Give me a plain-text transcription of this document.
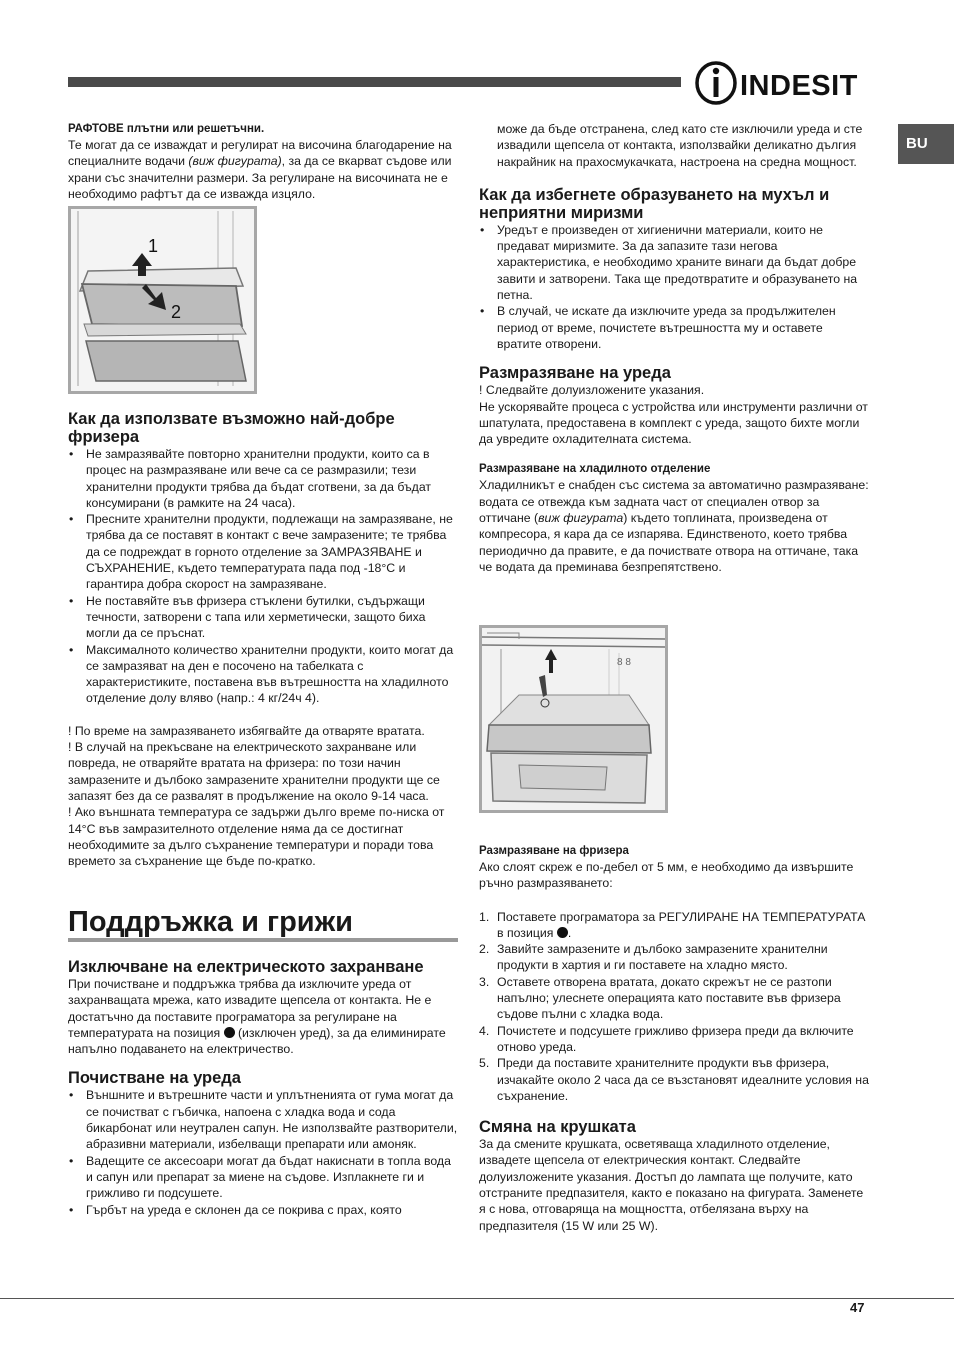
INDESIT
BU

РАФТОВЕ плътни или решетъчни.

Те могат да се изваждат и регулират на височина благодарение на специалните водачи (виж фигурата), за да се вкарват съдове или храни със значителни размери. За регулиране на височината не е необходимо рафтът да се изважда изцяло.

1
2

Как да използвате възможно най-добре фризера

• Не замразявайте повторно хранителни продукти, които са в процес на размразяване или вече са се размразили; тези хранителни продукти трябва да бъдат сготвени, за да бъдат консумирани (в рамките на 24 часа).
• Пресните хранителни продукти, подлежащи на замразяване, не трябва да се поставят в контакт с вече замразените; те трябва да се подреждат в горното отделение за ЗАМРАЗЯВАНЕ и СЪХРАНЕНИЕ, където температурата пада под -18°C и гарантира добра скорост на замразяване.
• Не поставяйте във фризера стъклени бутилки, съдържащи течности, затворени с тапа или херметически, защото биха могли да се пръснат.
• Максималното количество хранителни продукти, които могат да се замразяват на ден е посочено на табелката с характеристиките, поставена във вътрешността на хладилното отделение долу вляво (напр.: 4 кг/24ч 4).

! По време на замразяването избягвайте да отваряте вратата.

! В случай на прекъсване на електрическото захранване или повреда, не отваряйте вратата на фризера: по този начин замразените и дълбоко замразените хранителни продукти ще се запазят без да се развалят в продължение на около 9-14 часа.

! Ако външната температура се задържи дълго време по-ниска от 14°C във замразителното отделение няма да се достигнат необходимите за дълго съхранение температури и поради това времето за съхранение ще бъде по-кратко.

Поддръжка и грижи

Изключване на електрическото захранване

При почистване и поддръжка трябва да изключите уреда от захранващата мрежа, като извадите щепсела от контакта. Не е достатъчно да поставите програматора за регулиране на температурата на позиция  (изключен уред), за да елиминирате напълно подаването на електричество.

Почистване на уреда

• Външните и вътрешните части и уплътненията от гума могат да се почистват с гъбичка, напоена с хладка вода и сода бикарбонат или неутрален сапун. Не използвайте разтворители, абразивни материали, избелващи препарати или амоняк.
• Вадещите се аксесоари могат да бъдат накиснати в топла вода и сапун или препарат за миене на съдове. Изплакнете ги и грижливо ги подсушете.
• Гърбът на уреда е склонен да се покрива с прах, която

може да бъде отстранена, след като сте изключили уреда и сте извадили щепсела от контакта, използвайки деликатно дългия накрайник на прахосмукачката, настроена на средна мощност.

Как да избегнете образуването на мухъл и неприятни миризми

• Уредът е произведен от хигиенични материали, които не предават миризмите. За да запазите тази негова характеристика, е необходимо храните винаги да бъдат добре завити и затворени. Така ще предотвратите и образуването на петна.
• В случай, че искате да изключите уреда за продължителен период от време, почистете вътрешността му и оставете вратите отворени.

Размразяване на уреда

! Следвайте долуизложените указания.

Не ускорявайте процеса с устройства или инструменти различни от шпатулата, предоставена в комплект с уреда, защото бихте могли да увредите охладителната система.

Размразяване на хладилното отделение

Хладилникът е снабден със система за автоматично размразяване: водата се отвежда към задната част от специален отвор за оттичане (виж фигурата) където топлината, произведена от компресора, я кара да се изпарява. Единственото, което трябва периодично да правите, е да почиствате отвора на оттичане, така че водата да преминава безпрепятствено.

8 8

Размразяване на фризера

Ако слоят скреж е по-дебел от 5 мм, е необходимо да извършите ръчно размразяването:

1. Поставете програматора за РЕГУЛИРАНЕ НА ТЕМПЕРАТУРАТА в позиция .
2. Завийте замразените и дълбоко замразените хранителни продукти в хартия и ги поставете на хладно място.
3. Оставете отворена вратата, докато скрежът не се разтопи напълно; улеснете операцията като поставите във фризера съдове пълни с хладка вода.
4. Почистете и подсушете грижливо фризера преди да включите отново уреда.
5. Преди да поставите хранителните продукти във фризера, изчакайте около 2 часа да се възстановят идеалните условия на съхранение.

Смяна на крушката

За да смените крушката, осветяваща хладилното отделение, извадете щепсела от електрическия контакт. Следвайте долуизложените указания. Достъп до лампата ще получите, като отстраните предпазителя, както е показано на фигурата. Заменете я с нова, отговаряща на мощността, отбелязана върху на предпазителя (15 W или 25 W).

47
